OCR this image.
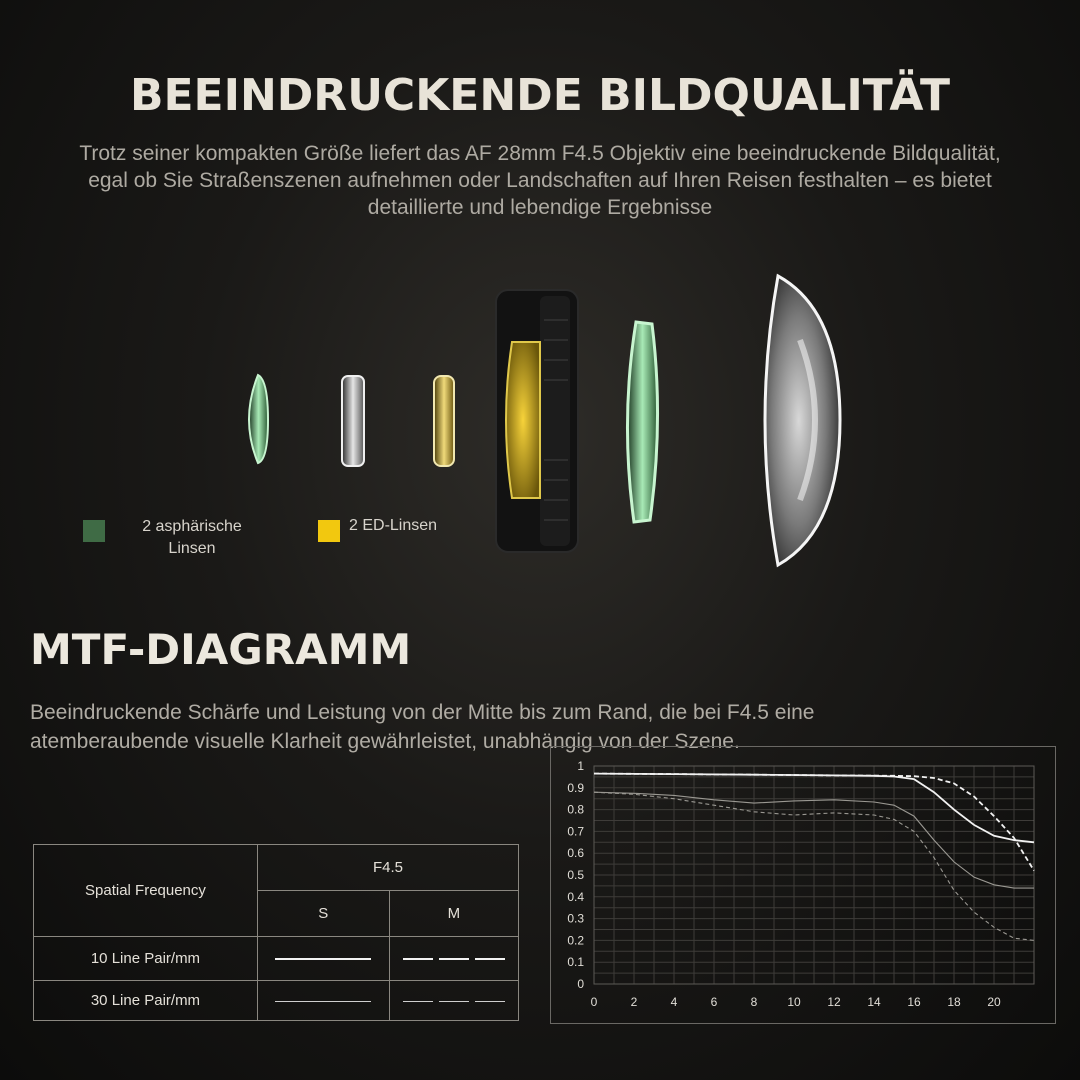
BEEINDRUCKENDE BILDQUALITÄT
Trotz seiner kompakten Größe liefert das AF 28mm F4.5 Objektiv eine beeindruckende Bildqualität,
egal ob Sie Straßenszenen aufnehmen oder Landschaften auf Ihren Reisen festhalten – es bietet
detaillierte und lebendige Ergebnisse
2 asphärische
Linsen
2 ED-Linsen
MTF-DIAGRAMM
Beeindruckende Schärfe und Leistung von der Mitte bis zum Rand, die bei F4.5 eine
atemberaubende visuelle Klarheit gewährleistet, unabhängig von der Szene.
Spatial Frequency	F4.5	
	S	M
10 Line Pair/mm		
30 Line Pair/mm		
0
0.1
0.2
0.3
0.4
0.5
0.6
0.7
0.8
0.9
1
0	2	4	6	8 10 12 14 16 18 20
